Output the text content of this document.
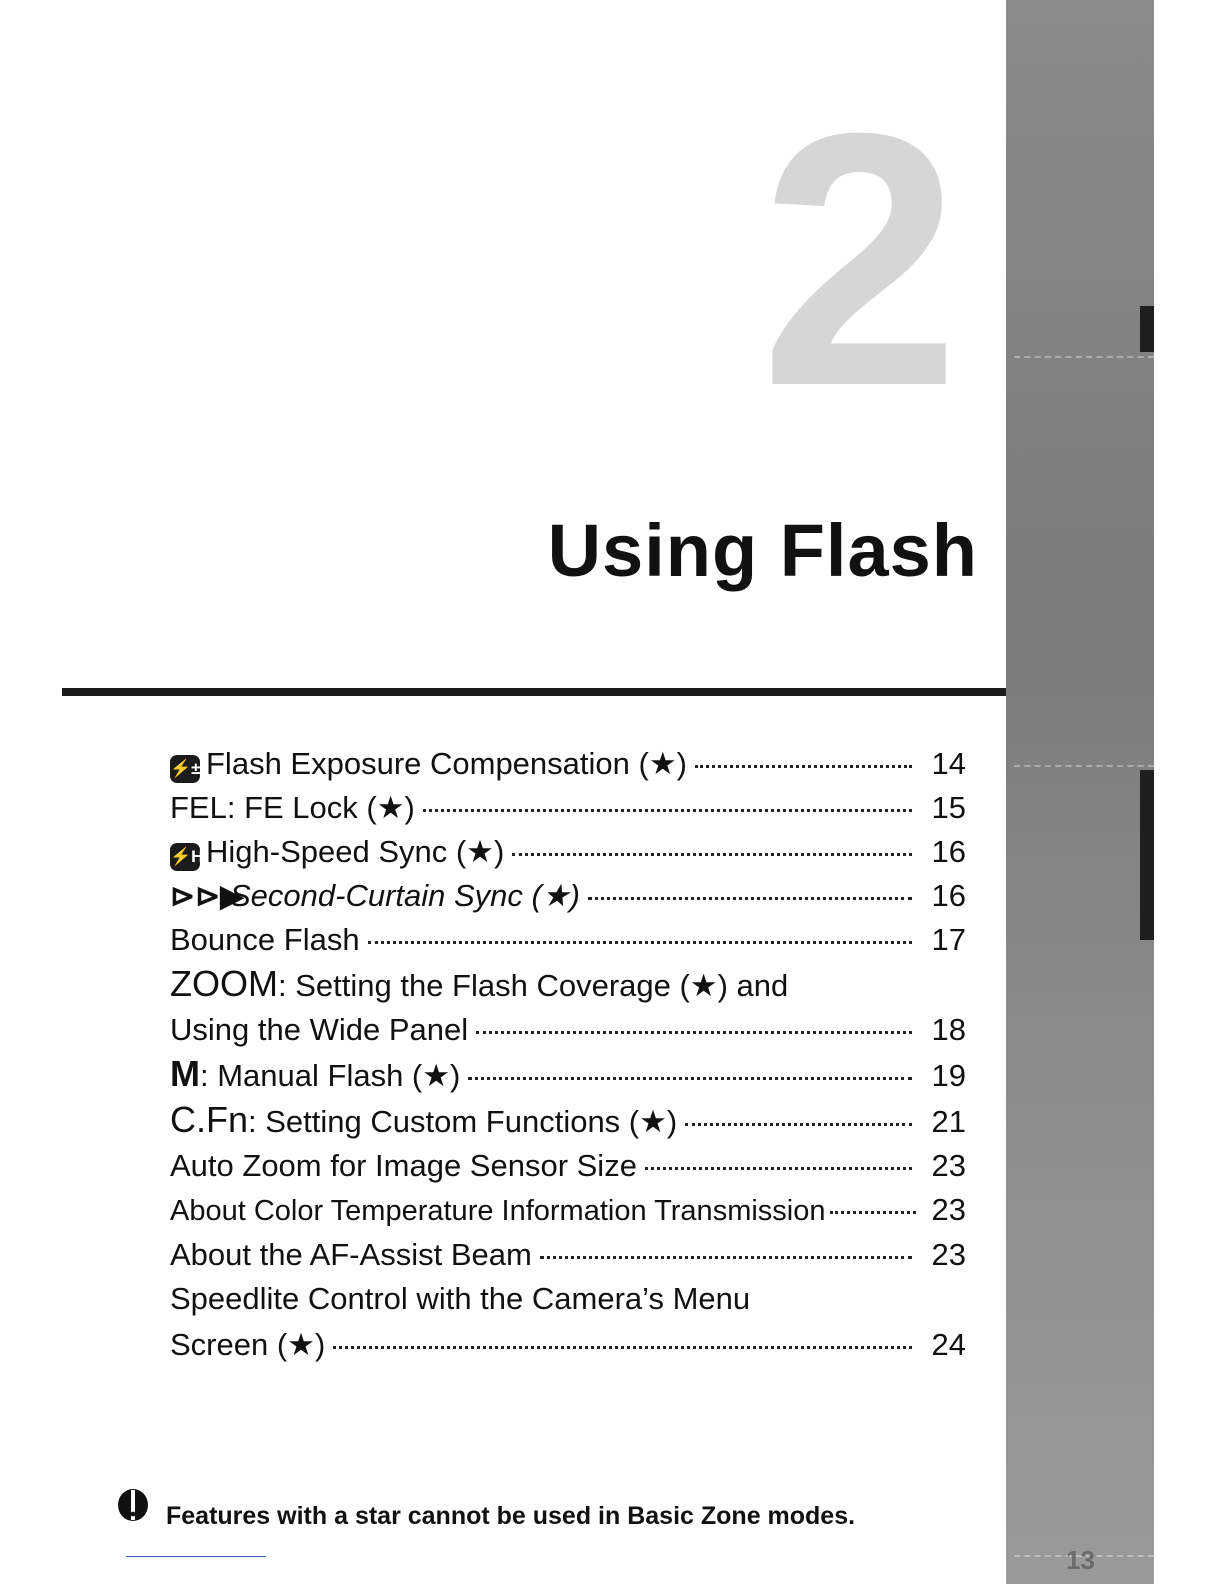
13
2
Using Flash
⚡± Flash Exposure Compensation (★)	14
FEL : FE Lock (★)	15
⚡H High-Speed Sync (★)	16
⊳⊳▶
Second-Curtain Sync (★)	16
Bounce Flash	17
ZOOM : Setting the Flash Coverage (★) and
Using the Wide Panel	18
M : Manual Flash (★)	19
C.Fn : Setting Custom Functions (★)	21
Auto Zoom for Image Sensor Size	23
About Color Temperature Information Transmission	23
About the AF-Assist Beam	23
Speedlite Control with the Camera’s Menu
Screen (★)	24
Features with a star cannot be used in Basic Zone modes.
